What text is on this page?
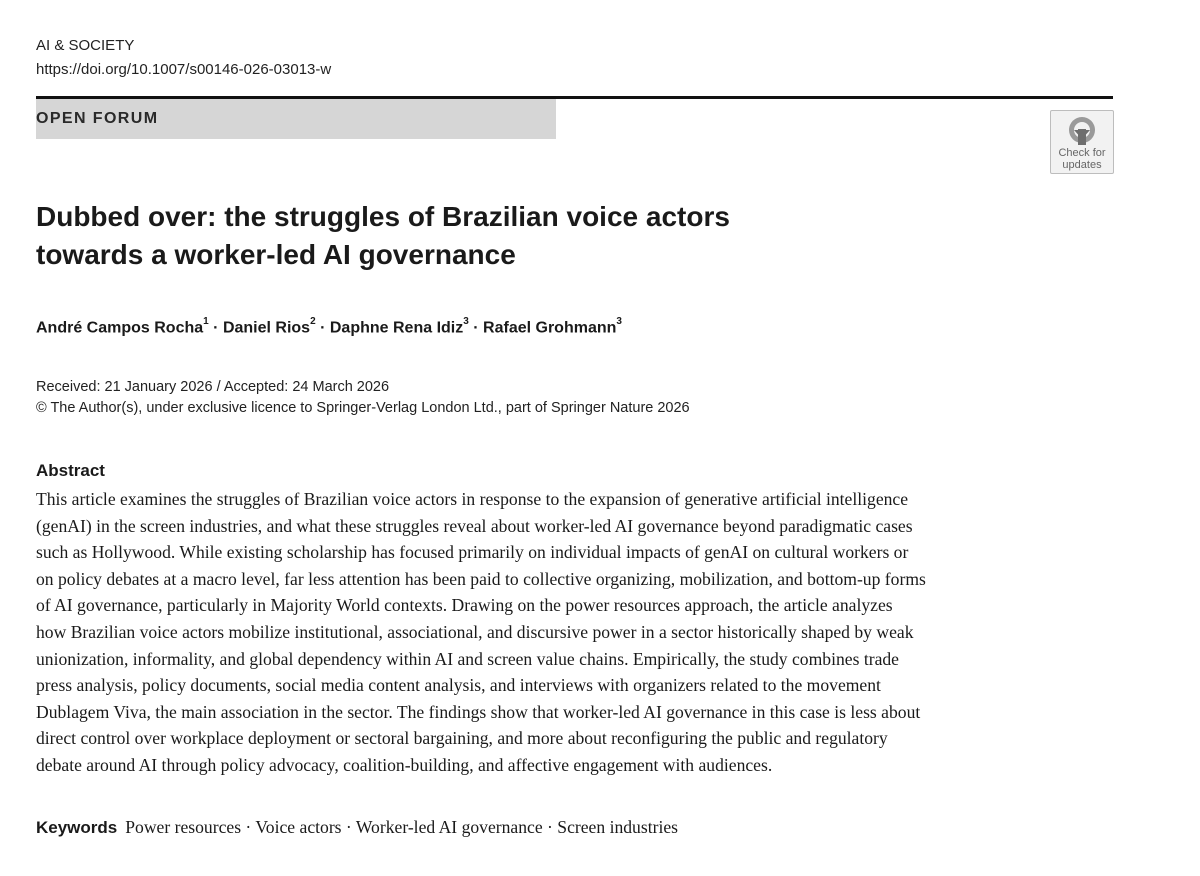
AI & SOCIETY
https://doi.org/10.1007/s00146-026-03013-w
OPEN FORUM
Check for
updates
Dubbed over: the struggles of Brazilian voice actors
towards a worker-led AI governance
André Campos Rocha$^1$ · Daniel Rios$^2$ · Daphne Rena Idiz$^3$ · Rafael Grohmann$^3$
Received: 21 January 2026 / Accepted: 24 March 2026
© The Author(s), under exclusive licence to Springer-Verlag London Ltd., part of Springer Nature 2026
Abstract
This article examines the struggles of Brazilian voice actors in response to the expansion of generative artificial intelligence
(genAI) in the screen industries, and what these struggles reveal about worker-led AI governance beyond paradigmatic cases
such as Hollywood. While existing scholarship has focused primarily on individual impacts of genAI on cultural workers or
on policy debates at a macro level, far less attention has been paid to collective organizing, mobilization, and bottom-up forms
of AI governance, particularly in Majority World contexts. Drawing on the power resources approach, the article analyzes
how Brazilian voice actors mobilize institutional, associational, and discursive power in a sector historically shaped by weak
unionization, informality, and global dependency within AI and screen value chains. Empirically, the study combines trade
press analysis, policy documents, social media content analysis, and interviews with organizers related to the movement
Dublagem Viva, the main association in the sector. The findings show that worker-led AI governance in this case is less about
direct control over workplace deployment or sectoral bargaining, and more about reconfiguring the public and regulatory
debate around AI through policy advocacy, coalition-building, and affective engagement with audiences.
Keywords Power resources · Voice actors · Worker-led AI governance · Screen industries
